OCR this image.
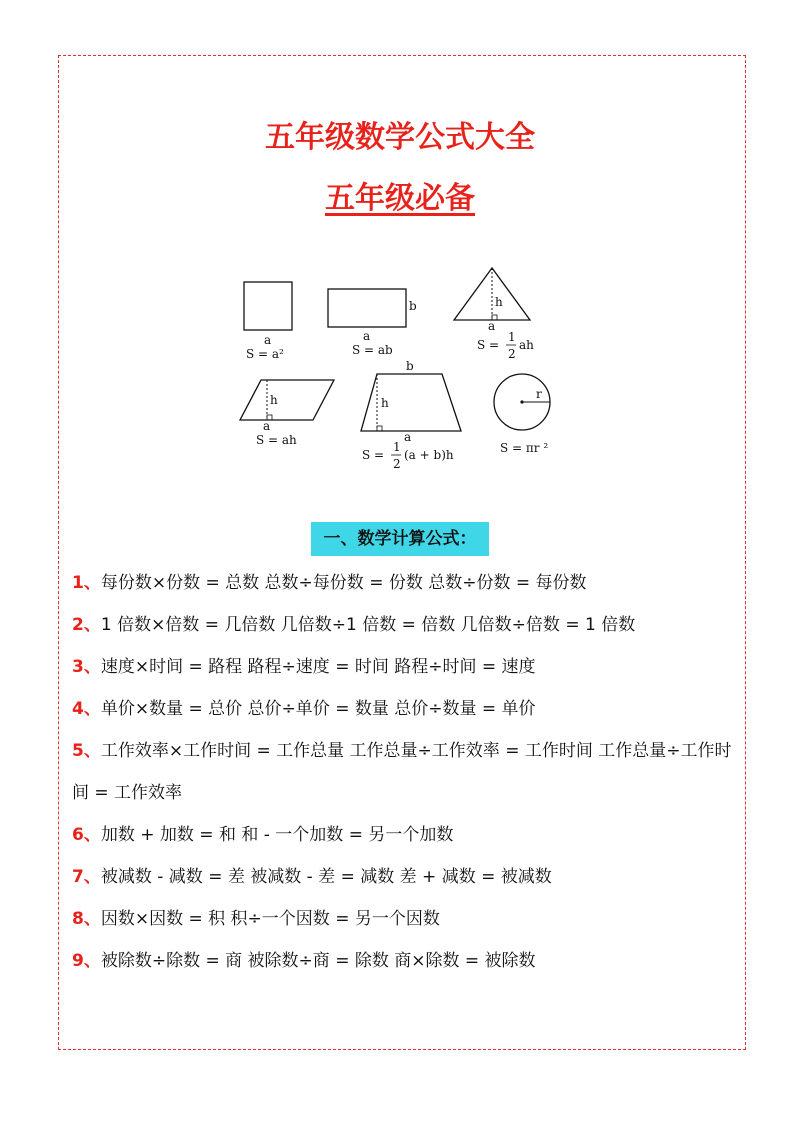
五年级数学公式大全
五年级必备
a
S = a²
b
a
S = ab
h
a
S =
1
2
ah
h
a
S = ah
b
h
a
S =
1
2
(a + b)h
r
S = πr ²
一、数学计算公式：
1、每份数×份数 = 总数 总数÷每份数 = 份数 总数÷份数 = 每份数
2、1 倍数×倍数 = 几倍数 几倍数÷1 倍数 = 倍数 几倍数÷倍数 = 1 倍数
3、速度×时间 = 路程 路程÷速度 = 时间 路程÷时间 = 速度
4、单价×数量 = 总价 总价÷单价 = 数量 总价÷数量 = 单价
5、工作效率×工作时间 = 工作总量 工作总量÷工作效率 = 工作时间 工作总量÷工作时间 = 工作效率
6、加数 + 加数 = 和 和 - 一个加数 = 另一个加数
7、被减数 - 减数 = 差 被减数 - 差 = 减数 差 + 减数 = 被减数
8、因数×因数 = 积 积÷一个因数 = 另一个因数
9、被除数÷除数 = 商 被除数÷商 = 除数 商×除数 = 被除数
